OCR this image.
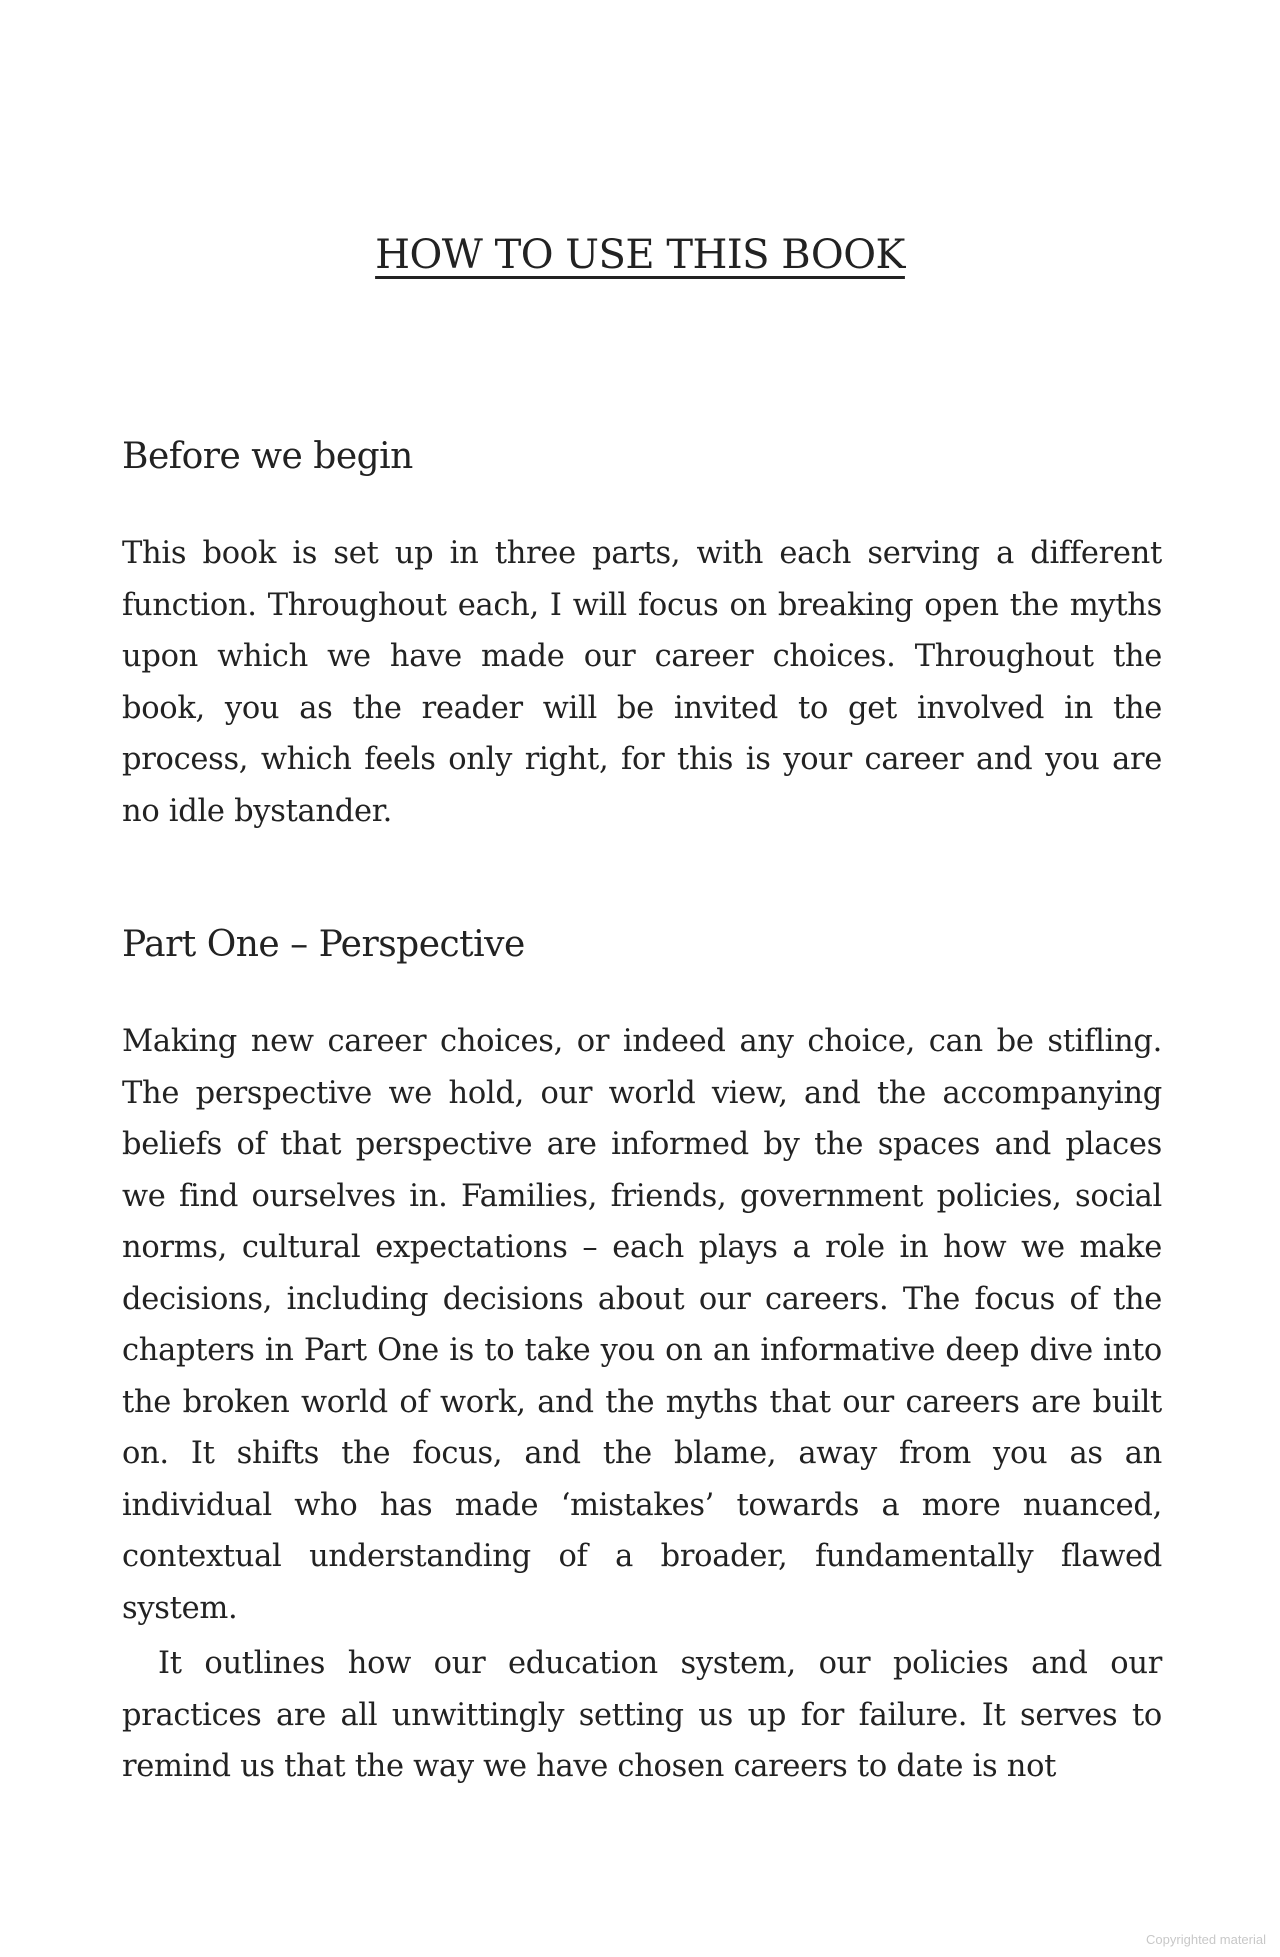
HOW TO USE THIS BOOK
Before we begin

This book is set up in three parts, with each serving a different function. Throughout each, I will focus on breaking open the myths upon which we have made our career choices. Throughout the book, you as the reader will be invited to get involved in the process, which feels only right, for this is your career and you are no idle bystander.

Part One – Perspective

Making new career choices, or indeed any choice, can be stifling. The perspective we hold, our world view, and the accompanying beliefs of that perspective are informed by the spaces and places we find ourselves in. Families, friends, government policies, social norms, cultural expectations – each plays a role in how we make decisions, including decisions about our careers. The focus of the chapters in Part One is to take you on an informative deep dive into the broken world of work, and the myths that our careers are built on. It shifts the focus, and the blame, away from you as an individual who has made ‘mistakes’ towards a more nuanced, contextual understanding of a broader, fundamentally flawed system.

It outlines how our education system, our policies and our practices are all unwittingly setting us up for failure. It serves to remind us that the way we have chosen careers to date is not

Copyrighted material
